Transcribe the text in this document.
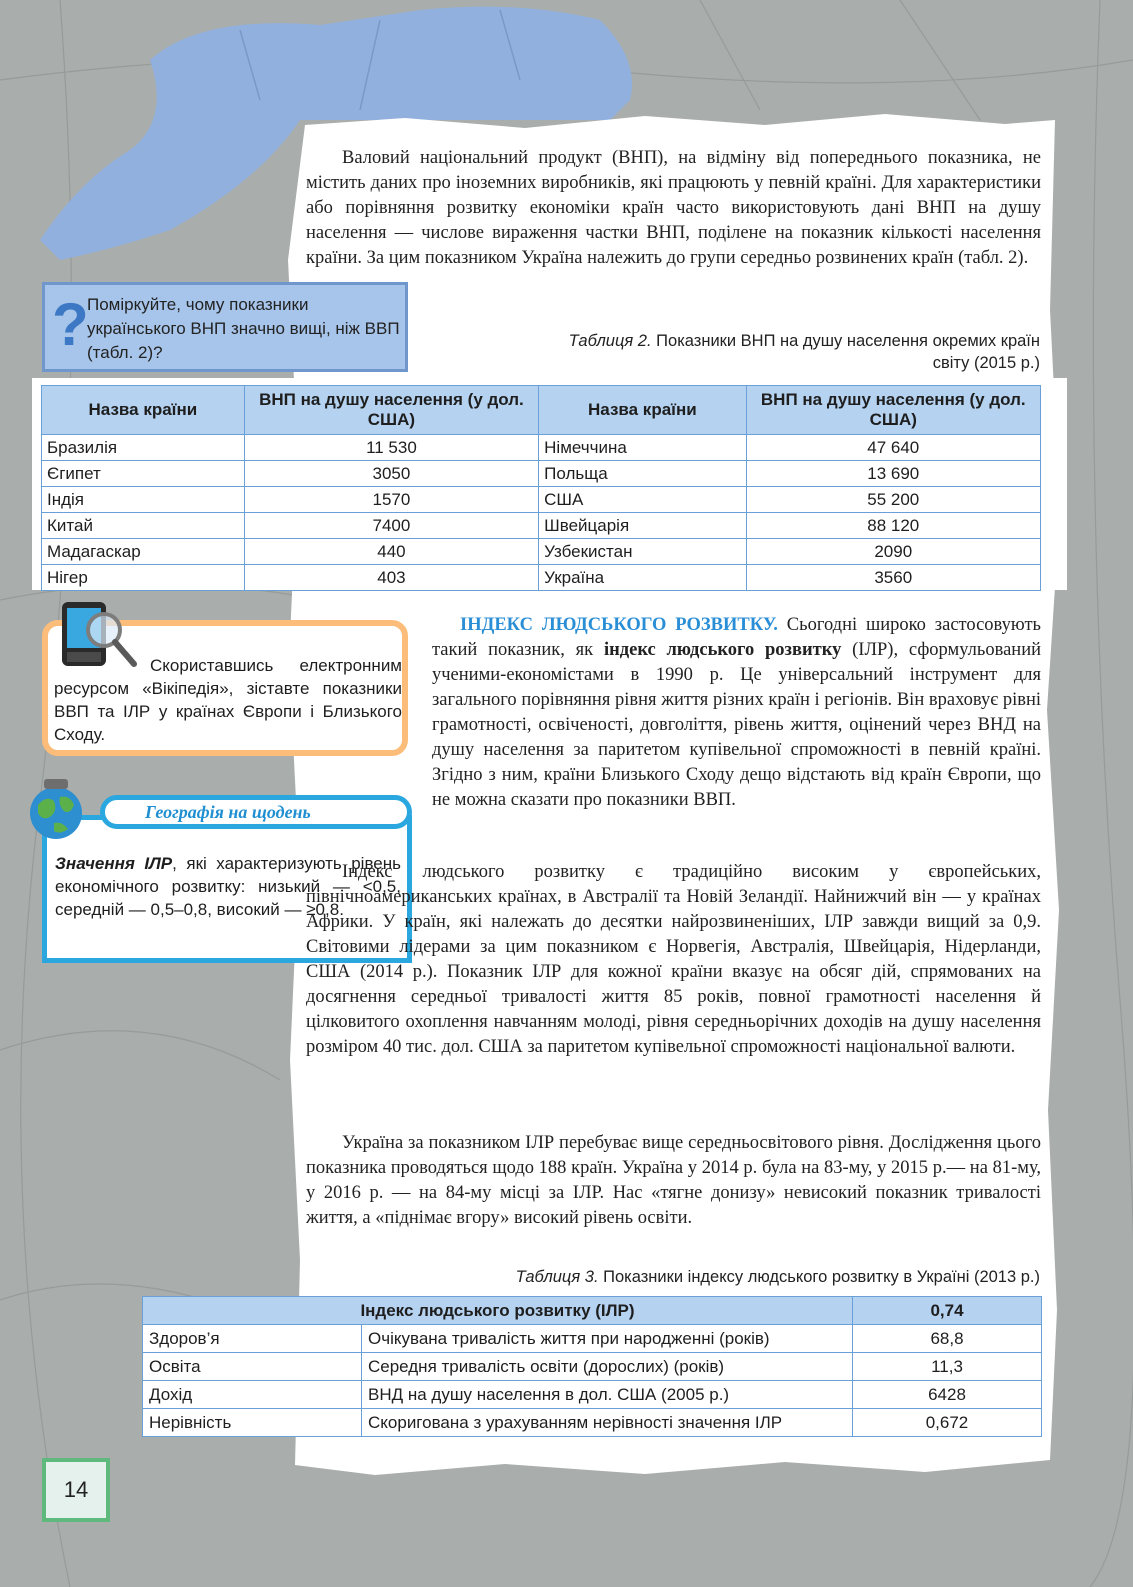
Валовий національний продукт (ВНП), на відміну від попереднього показника, не містить даних про іноземних виробників, які працюють у певній країні. Для характеристики або порівняння розвитку економіки країн часто використовують дані ВНП на душу населення — числове вираження частки ВНП, поділене на показник кількості населення країни. За цим показником Україна належить до групи середньо розвинених країн (табл. 2).

?
Поміркуйте, чому показники українського ВНП значно вищі, ніж ВВП (табл. 2)?
Таблиця 2. Показники ВНП на душу населення окремих країн світу (2015 р.)
Назва країни	ВНП на душу населення (у дол. США)	Назва країни	ВНП на душу населення (у дол. США)
Бразилія	11 530	Німеччина	47 640
Єгипет	3050	Польща	13 690
Індія	1570	США	55 200
Китай	7400	Швейцарія	88 120
Мадагаскар	440	Узбекистан	2090
Нігер	403	Україна	3560
Скориставшись електронним ресурсом «Вікіпедія», зіставте показники ВВП та ІЛР у країнах Європи і Близького Сходу.
Значення ІЛР, які характеризують рівень економічного розвитку: низький — <0,5, середній — 0,5–0,8, високий — ≥0,8.
Географія на щодень

ІНДЕКС ЛЮДСЬКОГО РОЗВИТКУ. Сьогодні широко застосовують такий показник, як індекс людського розвитку (ІЛР), сформульований ученими-економістами в 1990 р. Це універсальний інструмент для загального порівняння рівня життя різних країн і регіонів. Він враховує рівні грамотності, освіченості, довголіття, рівень життя, оцінений через ВНД на душу населення за паритетом купівельної спроможності в певній країні. Згідно з ним, країни Близького Сходу дещо відстають від країн Європи, що не можна сказати про показники ВВП.

Індекс людського розвитку є традиційно високим у європейських, північноамериканських країнах, в Австралії та Новій Зеландії. Найнижчий він — у країнах Африки. У країн, які належать до десятки найрозвиненіших, ІЛР завжди вищий за 0,9. Світовими лідерами за цим показником є Норвегія, Австралія, Швейцарія, Нідерланди, США (2014 р.). Показник ІЛР для кожної країни вказує на обсяг дій, спрямованих на досягнення середньої тривалості життя 85 років, повної грамотності населення й цілковитого охоплення навчанням молоді, рівня середньорічних доходів на душу населення розміром 40 тис. дол. США за паритетом купівельної спроможності національної валюти.

Україна за показником ІЛР перебуває вище середньосвітового рівня. Дослідження цього показника проводяться щодо 188 країн. Україна у 2014 р. була на 83-му, у 2015 р.— на 81-му, у 2016 р. — на 84-му місці за ІЛР. Нас «тягне донизу» невисокий показник тривалості життя, а «піднімає вгору» високий рівень освіти.

Таблиця 3. Показники індексу людського розвитку в Україні (2013 р.)
Індекс людського розвитку (ІЛР)		0,74
Здоров’я	Очікувана тривалість життя при народженні (років)	68,8
Освіта	Середня тривалість освіти (дорослих) (років)	11,3
Дохід	ВНД на душу населення в дол. США (2005 р.)	6428
Нерівність	Скоригована з урахуванням нерівності значення ІЛР	0,672
14
